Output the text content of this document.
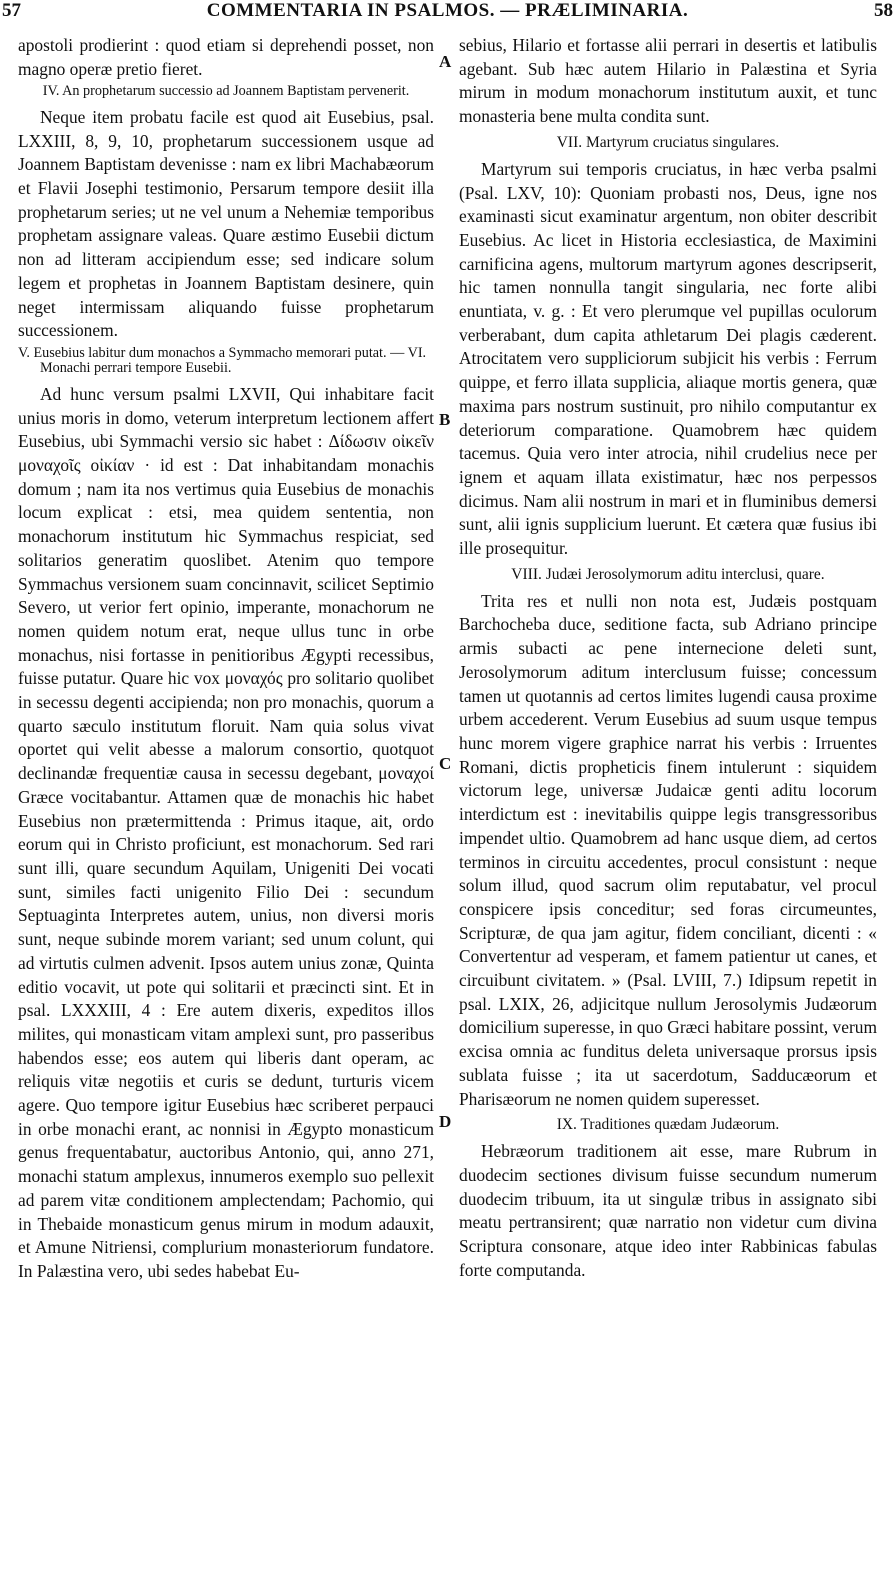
57	COMMENTARIA IN PSALMOS. — PRÆLIMINARIA.	58

apostoli prodierint : quod etiam si deprehendi posset, non magno operæ pretio fieret.

IV. An prophetarum successio ad Joannem Baptistam pervenerit.

Neque item probatu facile est quod ait Eusebius, psal. LXXIII, 8, 9, 10, prophetarum successionem usque ad Joannem Baptistam devenisse : nam ex libri Machabæorum et Flavii Josephi testimonio, Persarum tempore desiit illa prophetarum series; ut ne vel unum a Nehemiæ temporibus prophetam assignare valeas. Quare æstimo Eusebii dictum non ad litteram accipiendum esse; sed indicare solum legem et prophetas in Joannem Baptistam desinere, quin neget intermissam aliquando fuisse prophetarum successionem.

V. Eusebius labitur dum monachos a Symmacho memorari putat. — VI. Monachi perrari tempore Eusebii.

Ad hunc versum psalmi LXVII, Qui inhabitare facit unius moris in domo, veterum interpretum lectionem affert Eusebius, ubi Symmachi versio sic habet : Δίδωσιν οἰκεῖν μοναχοῖς οἰκίαν · id est : Dat inhabitandam monachis domum ; nam ita nos vertimus quia Eusebius de monachis locum explicat : etsi, mea quidem sententia, non monachorum institutum hic Symmachus respiciat, sed solitarios generatim quoslibet. Atenim quo tempore Symmachus versionem suam concinnavit, scilicet Septimio Severo, ut verior fert opinio, imperante, monachorum ne nomen quidem notum erat, neque ullus tunc in orbe monachus, nisi fortasse in penitioribus Ægypti recessibus, fuisse putatur. Quare hic vox μοναχός pro solitario quolibet in secessu degenti accipienda; non pro monachis, quorum a quarto sæculo institutum floruit. Nam quia solus vivat oportet qui velit abesse a malorum consortio, quotquot declinandæ frequentiæ causa in secessu degebant, μοναχοί Græce vocitabantur. Attamen quæ de monachis hic habet Eusebius non prætermittenda : Primus itaque, ait, ordo eorum qui in Christo proficiunt, est monachorum. Sed rari sunt illi, quare secundum Aquilam, Unigeniti Dei vocati sunt, similes facti unigenito Filio Dei : secundum Septuaginta Interpretes autem, unius, non diversi moris sunt, neque subinde morem variant; sed unum colunt, qui ad virtutis culmen advenit. Ipsos autem unius zonæ, Quinta editio vocavit, ut pote qui solitarii et præcincti sint. Et in psal. LXXXIII, 4 : Ere autem dixeris, expeditos illos milites, qui monasticam vitam amplexi sunt, pro passeribus habendos esse; eos autem qui liberis dant operam, ac reliquis vitæ negotiis et curis se dedunt, turturis vicem agere. Quo tempore igitur Eusebius hæc scriberet perpauci in orbe monachi erant, ac nonnisi in Ægypto monasticum genus frequentabatur, auctoribus Antonio, qui, anno 271, monachi statum amplexus, innumeros exemplo suo pellexit ad parem vitæ conditionem amplectendam; Pachomio, qui in Thebaide monasticum genus mirum in modum adauxit, et Amune Nitriensi, complurium monasteriorum fundatore. In Palæstina vero, ubi sedes habebat Eu-

A
B
C
D

sebius, Hilario et fortasse alii perrari in desertis et latibulis agebant. Sub hæc autem Hilario in Palæstina et Syria mirum in modum monachorum institutum auxit, et tunc monasteria bene multa condita sunt.

VII. Martyrum cruciatus singulares.

Martyrum sui temporis cruciatus, in hæc verba psalmi (Psal. LXV, 10): Quoniam probasti nos, Deus, igne nos examinasti sicut examinatur argentum, non obiter describit Eusebius. Ac licet in Historia ecclesiastica, de Maximini carnificina agens, multorum martyrum agones descripserit, hic tamen nonnulla tangit singularia, nec forte alibi enuntiata, v. g. : Et vero plerumque vel pupillas oculorum verberabant, dum capita athletarum Dei plagis cæderent. Atrocitatem vero suppliciorum subjicit his verbis : Ferrum quippe, et ferro illata supplicia, aliaque mortis genera, quæ maxima pars nostrum sustinuit, pro nihilo computantur ex deteriorum comparatione. Quamobrem hæc quidem tacemus. Quia vero inter atrocia, nihil crudelius nece per ignem et aquam illata existimatur, hæc nos perpessos dicimus. Nam alii nostrum in mari et in fluminibus demersi sunt, alii ignis supplicium luerunt. Et cætera quæ fusius ibi ille prosequitur.

VIII. Judæi Jerosolymorum aditu interclusi, quare.

Trita res et nulli non nota est, Judæis postquam Barchocheba duce, seditione facta, sub Adriano principe armis subacti ac pene internecione deleti sunt, Jerosolymorum aditum interclusum fuisse; concessum tamen ut quotannis ad certos limites lugendi causa proxime urbem accederent. Verum Eusebius ad suum usque tempus hunc morem vigere graphice narrat his verbis : Irruentes Romani, dictis propheticis finem intulerunt : siquidem victorum lege, universæ Judaicæ genti aditu locorum interdictum est : inevitabilis quippe legis transgressoribus impendet ultio. Quamobrem ad hanc usque diem, ad certos terminos in circuitu accedentes, procul consistunt : neque solum illud, quod sacrum olim reputabatur, vel procul conspicere ipsis conceditur; sed foras circumeuntes, Scripturæ, de qua jam agitur, fidem conciliant, dicenti : « Convertentur ad vesperam, et famem patientur ut canes, et circuibunt civitatem. » (Psal. LVIII, 7.) Idipsum repetit in psal. LXIX, 26, adjicitque nullum Jerosolymis Judæorum domicilium superesse, in quo Græci habitare possint, verum excisa omnia ac funditus deleta universaque prorsus ipsis sublata fuisse ; ita ut sacerdotum, Sadducæorum et Pharisæorum ne nomen quidem superesset.

IX. Traditiones quædam Judæorum.

Hebræorum traditionem ait esse, mare Rubrum in duodecim sectiones divisum fuisse secundum numerum duodecim tribuum, ita ut singulæ tribus in assignato sibi meatu pertransirent; quæ narratio non videtur cum divina Scriptura consonare, atque ideo inter Rabbinicas fabulas forte computanda.
